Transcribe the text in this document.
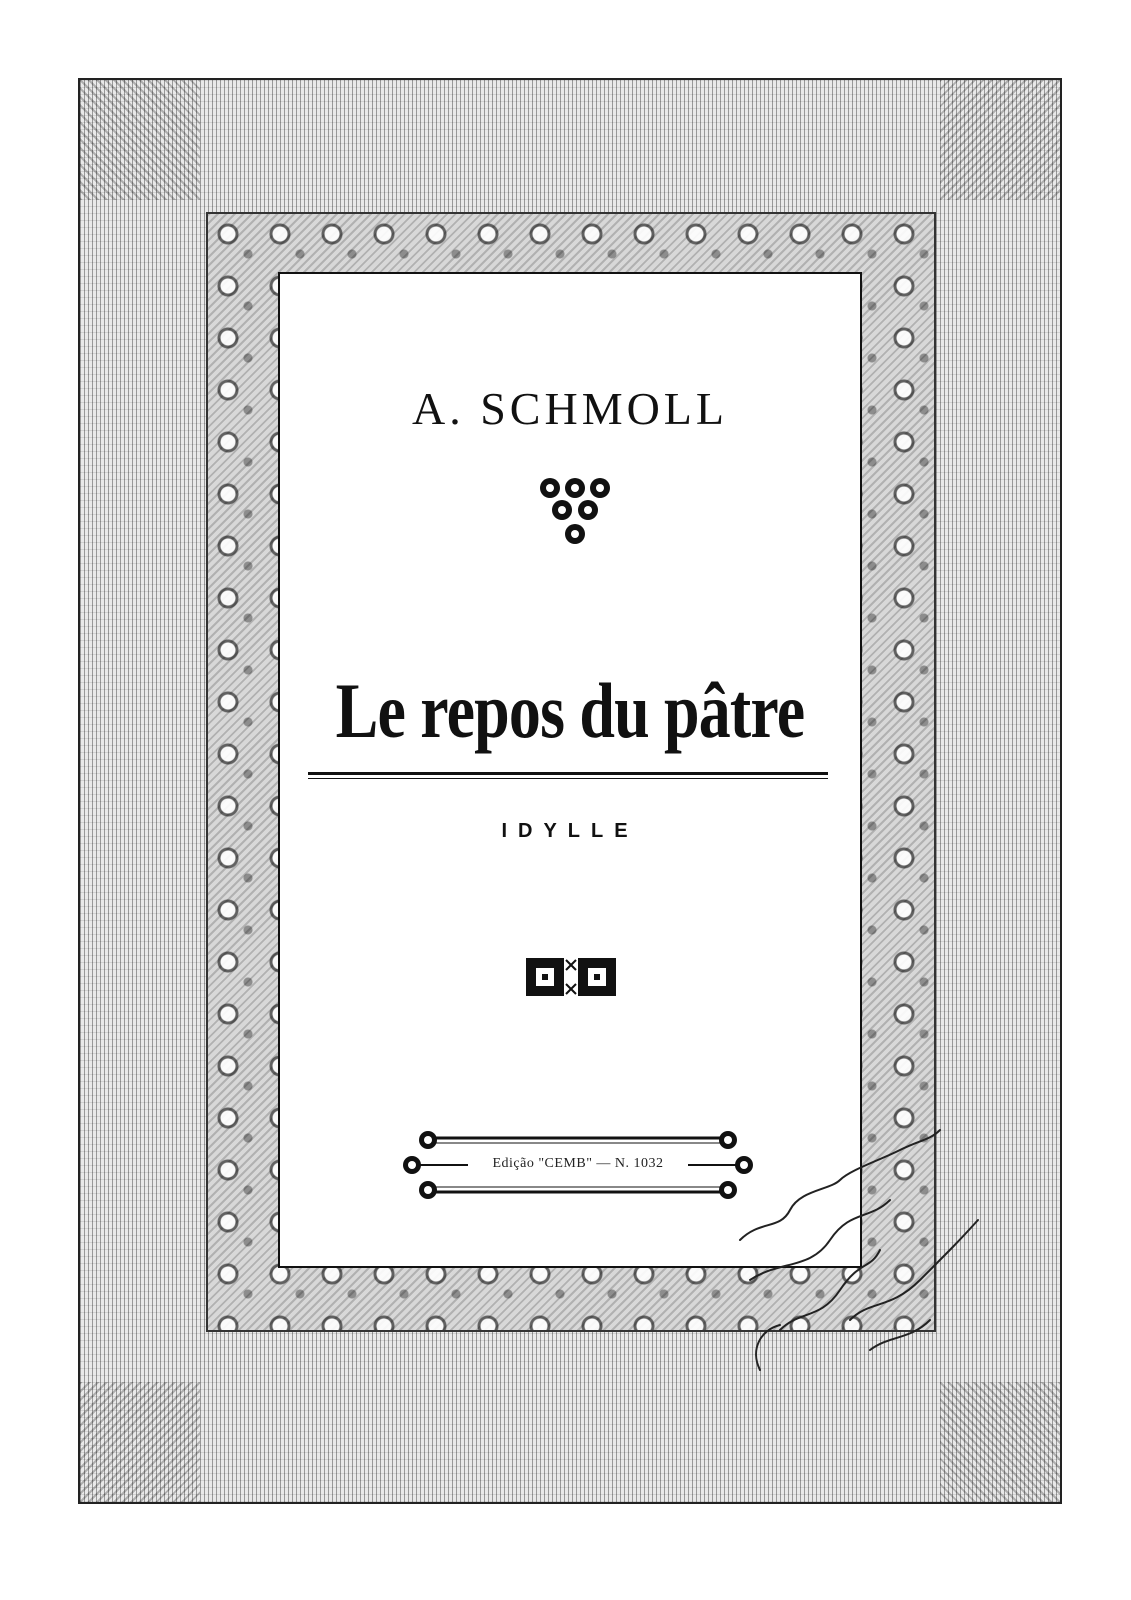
A. SCHMOLL
Le repos du pâtre
IDYLLE
Edição "CEMB" — N. 1032
